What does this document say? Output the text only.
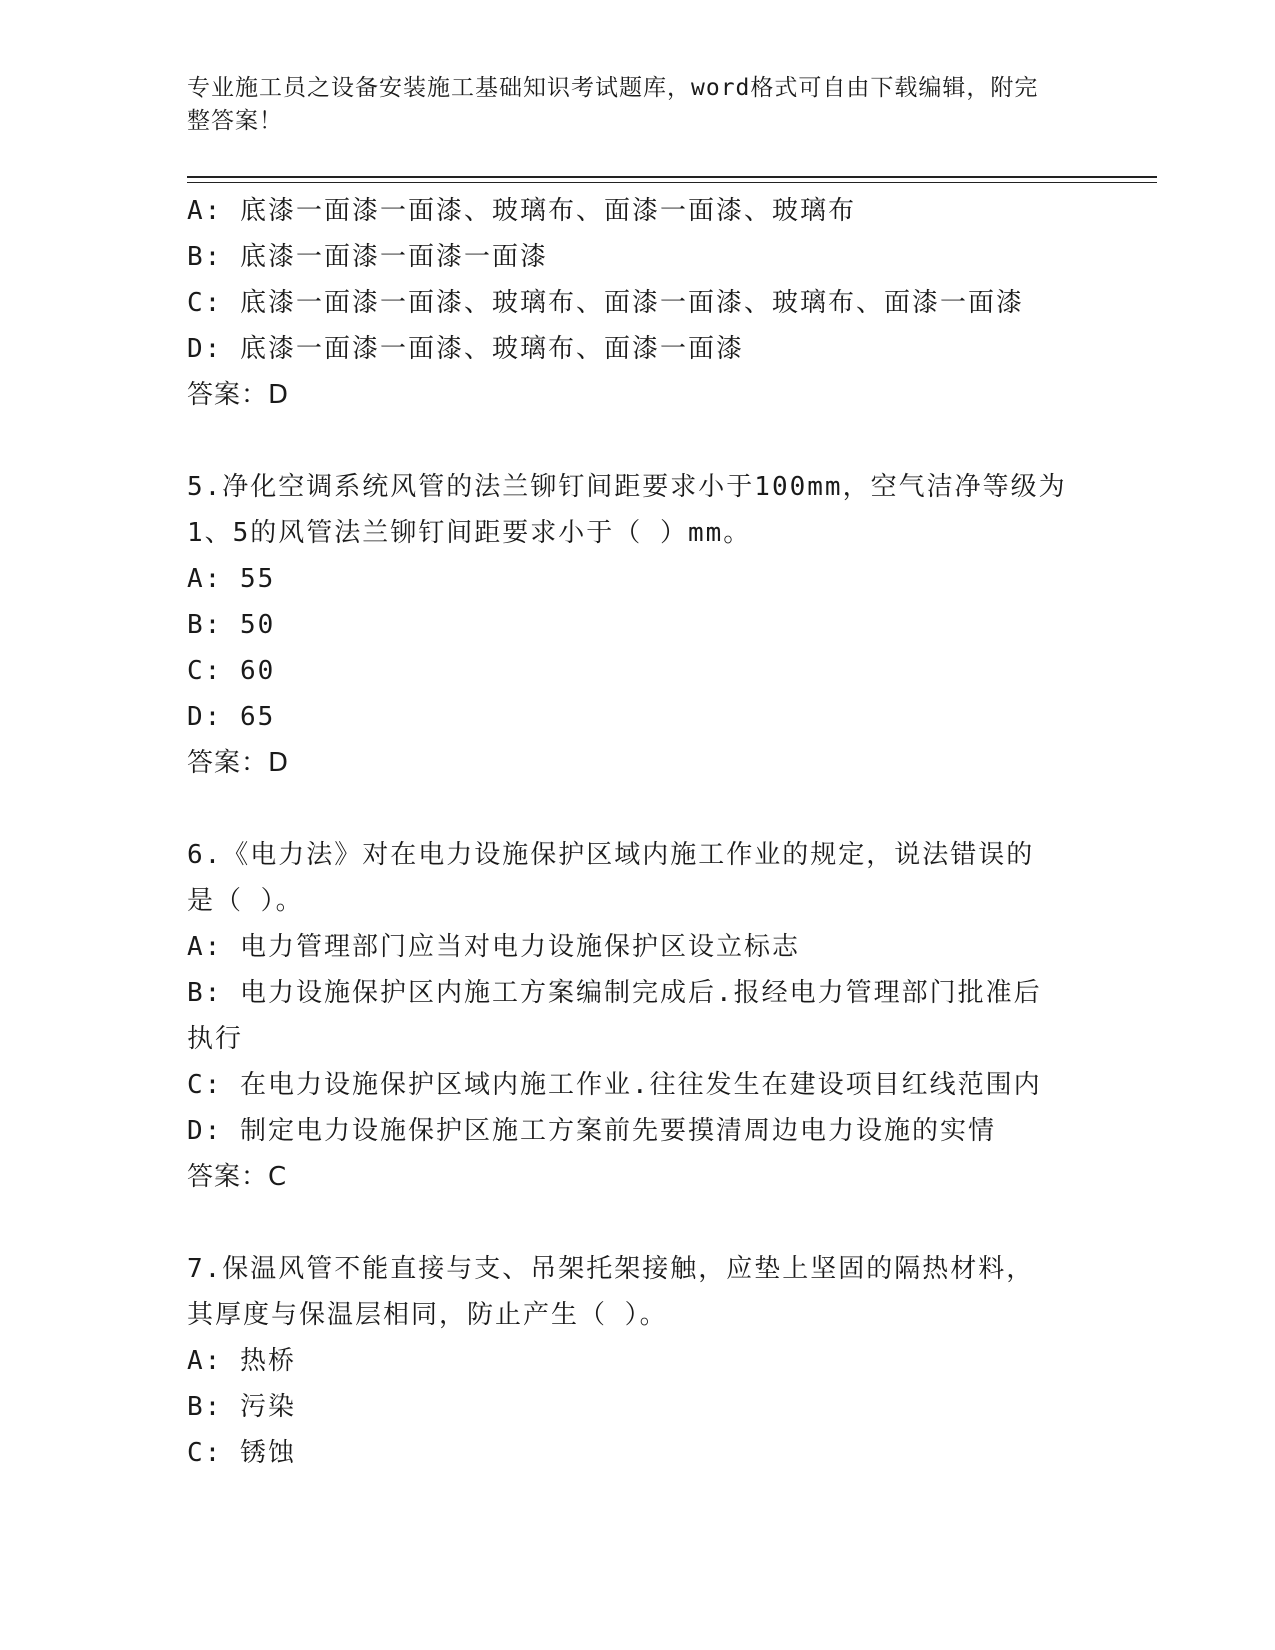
专业施工员之设备安装施工基础知识考试题库，word格式可自由下载编辑，附完
整答案！
A: 底漆一面漆一面漆、玻璃布、面漆一面漆、玻璃布
B: 底漆一面漆一面漆一面漆
C: 底漆一面漆一面漆、玻璃布、面漆一面漆、玻璃布、面漆一面漆
D: 底漆一面漆一面漆、玻璃布、面漆一面漆
答案：D
5.净化空调系统风管的法兰铆钉间距要求小于100mm，空气洁净等级为
1、5的风管法兰铆钉间距要求小于（ ）mm。
A: 55
B: 50
C: 60
D: 65
答案：D
6.《电力法》对在电力设施保护区域内施工作业的规定，说法错误的
是（ ）。
A: 电力管理部门应当对电力设施保护区设立标志
B: 电力设施保护区内施工方案编制完成后.报经电力管理部门批准后
执行
C: 在电力设施保护区域内施工作业.往往发生在建设项目红线范围内
D: 制定电力设施保护区施工方案前先要摸清周边电力设施的实情
答案：C
7.保温风管不能直接与支、吊架托架接触，应垫上坚固的隔热材料，
其厚度与保温层相同，防止产生（ ）。
A: 热桥
B: 污染
C: 锈蚀
